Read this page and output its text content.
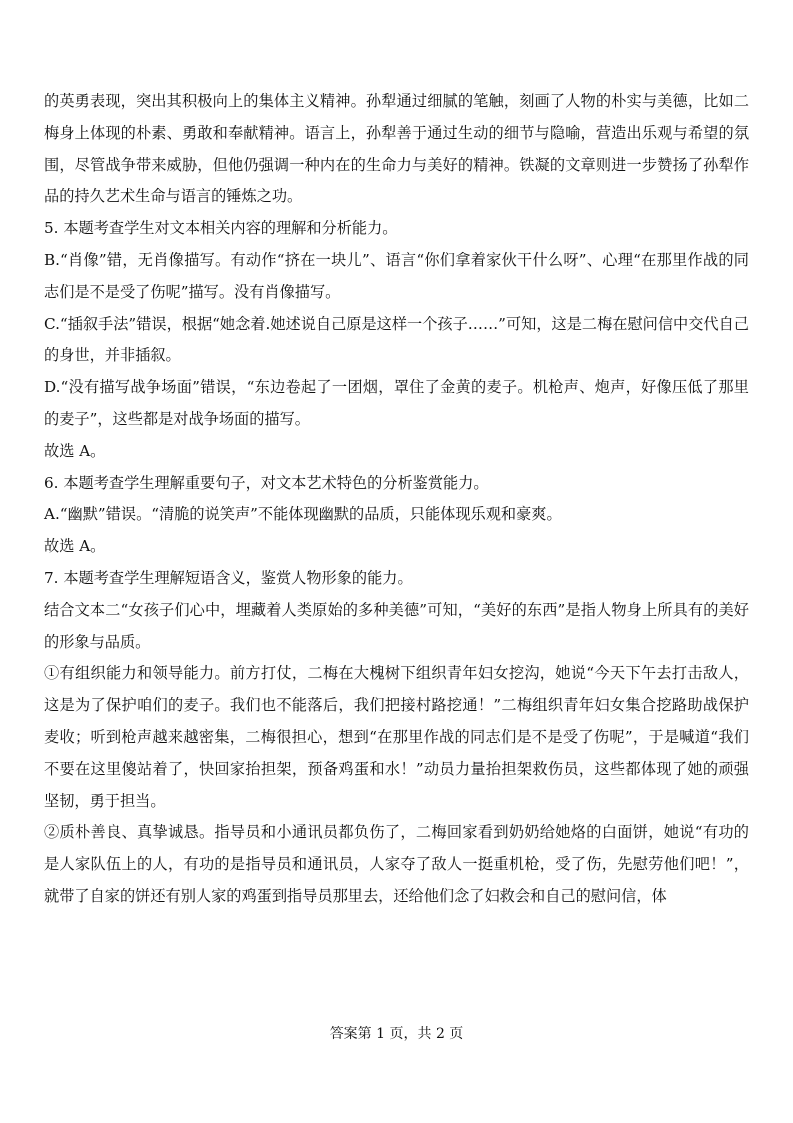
的英勇表现，突出其积极向上的集体主义精神。孙犁通过细腻的笔触，刻画了人物的朴实与美德，比如二梅身上体现的朴素、勇敢和奉献精神。语言上，孙犁善于通过生动的细节与隐喻，营造出乐观与希望的氛围，尽管战争带来威胁，但他仍强调一种内在的生命力与美好的精神。铁凝的文章则进一步赞扬了孙犁作品的持久艺术生命与语言的锤炼之功。

5. 本题考查学生对文本相关内容的理解和分析能力。

B.“肖像”错，无肖像描写。有动作“挤在一块儿”、语言“你们拿着家伙干什么呀”、心理“在那里作战的同志们是不是受了伤呢”描写。没有肖像描写。

C.“插叙手法”错误，根据“她念着.她述说自己原是这样一个孩子……”可知，这是二梅在慰问信中交代自己的身世，并非插叙。

D.“没有描写战争场面”错误，“东边卷起了一团烟，罩住了金黄的麦子。机枪声、炮声，好像压低了那里的麦子”，这些都是对战争场面的描写。

故选 A。

6. 本题考查学生理解重要句子，对文本艺术特色的分析鉴赏能力。

A.“幽默”错误。“清脆的说笑声”不能体现幽默的品质，只能体现乐观和豪爽。

故选 A。

7. 本题考查学生理解短语含义，鉴赏人物形象的能力。

结合文本二“女孩子们心中，埋藏着人类原始的多种美德”可知，“美好的东西”是指人物身上所具有的美好的形象与品质。

①有组织能力和领导能力。前方打仗，二梅在大槐树下组织青年妇女挖沟，她说“今天下午去打击敌人，这是为了保护咱们的麦子。我们也不能落后，我们把接村路挖通！”二梅组织青年妇女集合挖路助战保护麦收；听到枪声越来越密集，二梅很担心，想到“在那里作战的同志们是不是受了伤呢”，于是喊道“我们不要在这里傻站着了，快回家抬担架，预备鸡蛋和水！”动员力量抬担架救伤员，这些都体现了她的顽强坚韧，勇于担当。

②质朴善良、真挚诚恳。指导员和小通讯员都负伤了，二梅回家看到奶奶给她烙的白面饼，她说“有功的是人家队伍上的人，有功的是指导员和通讯员，人家夺了敌人一挺重机枪，受了伤，先慰劳他们吧！”，就带了自家的饼还有别人家的鸡蛋到指导员那里去，还给他们念了妇救会和自己的慰问信，体

答案第 1 页，共 2 页
